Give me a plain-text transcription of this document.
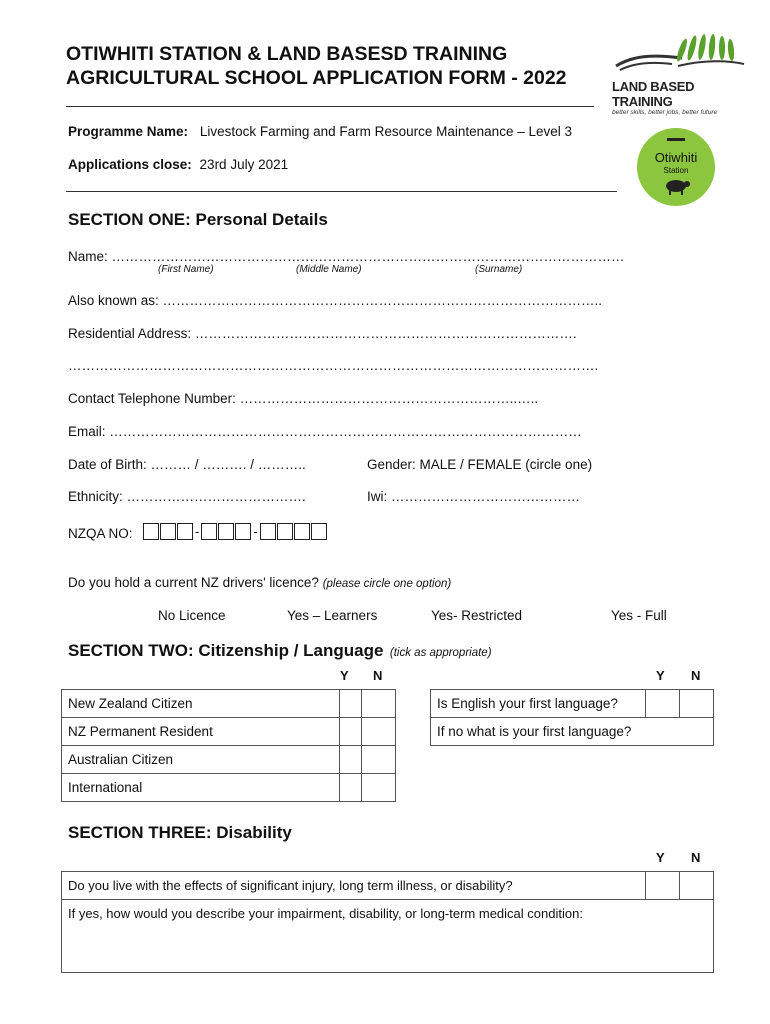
OTIWHITI STATION & LAND BASESD TRAINING
AGRICULTURAL SCHOOL APPLICATION FORM - 2022	LAND BASED TRAINING
better skills, better jobs, better future
Programme Name: Livestock Farming and Farm Resource Maintenance – Level 3
Applications close: 23rd July 2021	Otiwhiti
Station
SECTION ONE: Personal Details
Name: ……………………………………………………………………………………………………
(First Name)	(Middle Name)	(Surname)
Also known as: ……………………………………………………………………………………..
Residential Address: ………………………………………………………………………….
……………………………………………………………………………………………………….
Contact Telephone Number: ……………………………………………………..…..
Email: ……………………………………………………………………………………………
Date of Birth: ……… / ………. / ………..	Gender: MALE / FEMALE (circle one)
Ethnicity: ………………………………….	Iwi: ……………………………………
NZQA NO:	-	-
Do you hold a current NZ drivers' licence? (please circle one option)
No Licence	Yes – Learners	Yes- Restricted	Yes - Full
SECTION TWO: Citizenship / Language (tick as appropriate)
Y N	Y N
New Zealand Citizen		
NZ Permanent Resident		
Australian Citizen		
International		
Is English your first language?		
If no what is your first language?
SECTION THREE: Disability
Y N
Do you live with the effects of significant injury, long term illness, or disability?		
If yes, how would you describe your impairment, disability, or long-term medical condition:
